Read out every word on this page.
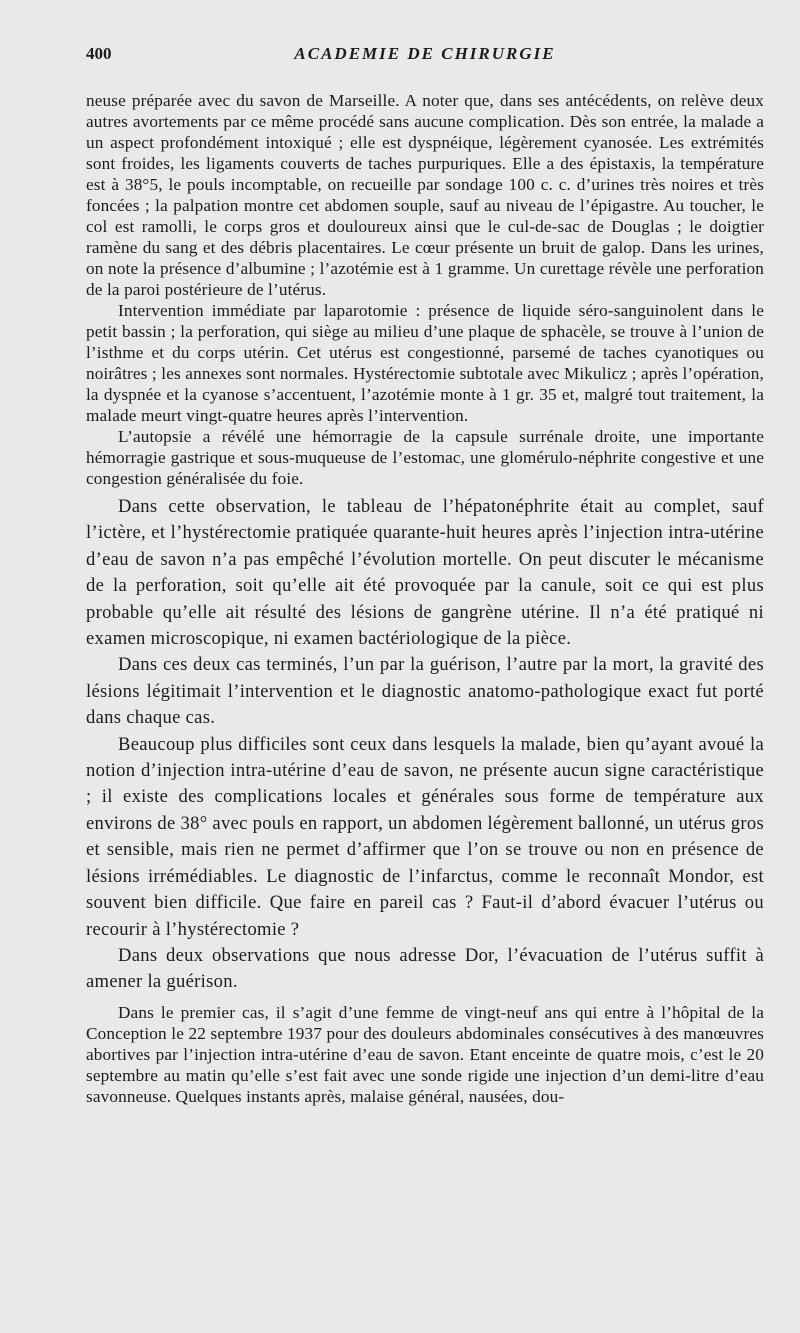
400	ACADEMIE DE CHIRURGIE

neuse préparée avec du savon de Marseille. A noter que, dans ses antécédents, on relève deux autres avortements par ce même procédé sans aucune complication. Dès son entrée, la malade a un aspect profondément intoxiqué ; elle est dyspnéique, légèrement cyanosée. Les extrémités sont froides, les ligaments couverts de taches purpuriques. Elle a des épistaxis, la température est à 38°5, le pouls incomptable, on recueille par sondage 100 c. c. d’urines très noires et très foncées ; la palpation montre cet abdomen souple, sauf au niveau de l’épigastre. Au toucher, le col est ramolli, le corps gros et douloureux ainsi que le cul-de-sac de Douglas ; le doigtier ramène du sang et des débris placentaires. Le cœur présente un bruit de galop. Dans les urines, on note la présence d’albumine ; l’azotémie est à 1 gramme. Un curettage révèle une perforation de la paroi postérieure de l’utérus.

Intervention immédiate par laparotomie : présence de liquide séro-sanguinolent dans le petit bassin ; la perforation, qui siège au milieu d’une plaque de sphacèle, se trouve à l’union de l’isthme et du corps utérin. Cet utérus est congestionné, parsemé de taches cyanotiques ou noirâtres ; les annexes sont normales. Hystérectomie subtotale avec Mikulicz ; après l’opération, la dyspnée et la cyanose s’accentuent, l’azotémie monte à 1 gr. 35 et, malgré tout traitement, la malade meurt vingt-quatre heures après l’intervention.

L’autopsie a révélé une hémorragie de la capsule surrénale droite, une importante hémorragie gastrique et sous-muqueuse de l’estomac, une glomérulo-néphrite congestive et une congestion généralisée du foie.

Dans cette observation, le tableau de l’hépatonéphrite était au complet, sauf l’ictère, et l’hystérectomie pratiquée quarante-huit heures après l’injection intra-utérine d’eau de savon n’a pas empêché l’évolution mortelle. On peut discuter le mécanisme de la perforation, soit qu’elle ait été provoquée par la canule, soit ce qui est plus probable qu’elle ait résulté des lésions de gangrène utérine. Il n’a été pratiqué ni examen microscopique, ni examen bactériologique de la pièce.

Dans ces deux cas terminés, l’un par la guérison, l’autre par la mort, la gravité des lésions légitimait l’intervention et le diagnostic anatomo-pathologique exact fut porté dans chaque cas.

Beaucoup plus difficiles sont ceux dans lesquels la malade, bien qu’ayant avoué la notion d’injection intra-utérine d’eau de savon, ne présente aucun signe caractéristique ; il existe des complications locales et générales sous forme de température aux environs de 38° avec pouls en rapport, un abdomen légèrement ballonné, un utérus gros et sensible, mais rien ne permet d’affirmer que l’on se trouve ou non en présence de lésions irrémédiables. Le diagnostic de l’infarctus, comme le reconnaît Mondor, est souvent bien difficile. Que faire en pareil cas ? Faut-il d’abord évacuer l’utérus ou recourir à l’hystérectomie ?

Dans deux observations que nous adresse Dor, l’évacuation de l’utérus suffit à amener la guérison.

Dans le premier cas, il s’agit d’une femme de vingt-neuf ans qui entre à l’hôpital de la Conception le 22 septembre 1937 pour des douleurs abdominales consécutives à des manœuvres abortives par l’injection intra-utérine d’eau de savon. Etant enceinte de quatre mois, c’est le 20 septembre au matin qu’elle s’est fait avec une sonde rigide une injection d’un demi-litre d’eau savonneuse. Quelques instants après, malaise général, nausées, dou-
